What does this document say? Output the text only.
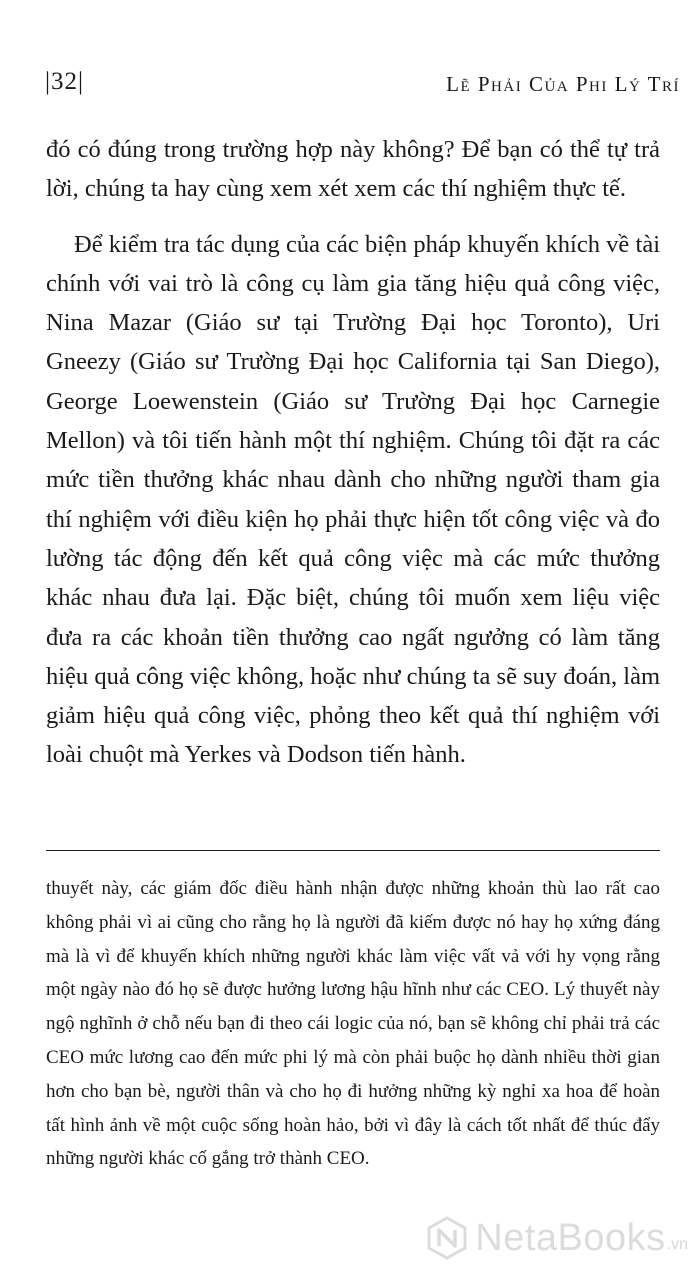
|32|	Lẽ Phải Của Phi Lý Trí

đó có đúng trong trường hợp này không? Để bạn có thể tự trả lời, chúng ta hay cùng xem xét xem các thí nghiệm thực tế.

Để kiểm tra tác dụng của các biện pháp khuyến khích về tài chính với vai trò là công cụ làm gia tăng hiệu quả công việc, Nina Mazar (Giáo sư tại Trường Đại học Toronto), Uri Gneezy (Giáo sư Trường Đại học California tại San Diego), George Loewenstein (Giáo sư Trường Đại học Carnegie Mellon) và tôi tiến hành một thí nghiệm. Chúng tôi đặt ra các mức tiền thưởng khác nhau dành cho những người tham gia thí nghiệm với điều kiện họ phải thực hiện tốt công việc và đo lường tác động đến kết quả công việc mà các mức thưởng khác nhau đưa lại. Đặc biệt, chúng tôi muốn xem liệu việc đưa ra các khoản tiền thưởng cao ngất ngưởng có làm tăng hiệu quả công việc không, hoặc như chúng ta sẽ suy đoán, làm giảm hiệu quả công việc, phỏng theo kết quả thí nghiệm với loài chuột mà Yerkes và Dodson tiến hành.

thuyết này, các giám đốc điều hành nhận được những khoản thù lao rất cao không phải vì ai cũng cho rằng họ là người đã kiếm được nó hay họ xứng đáng mà là vì để khuyến khích những người khác làm việc vất vả với hy vọng rằng một ngày nào đó họ sẽ được hưởng lương hậu hĩnh như các CEO. Lý thuyết này ngộ nghĩnh ở chỗ nếu bạn đi theo cái logic của nó, bạn sẽ không chỉ phải trả các CEO mức lương cao đến mức phi lý mà còn phải buộc họ dành nhiều thời gian hơn cho bạn bè, người thân và cho họ đi hưởng những kỳ nghỉ xa hoa để hoàn tất hình ảnh về một cuộc sống hoàn hảo, bởi vì đây là cách tốt nhất để thúc đẩy những người khác cố gắng trở thành CEO.

NetaBooks .vn
